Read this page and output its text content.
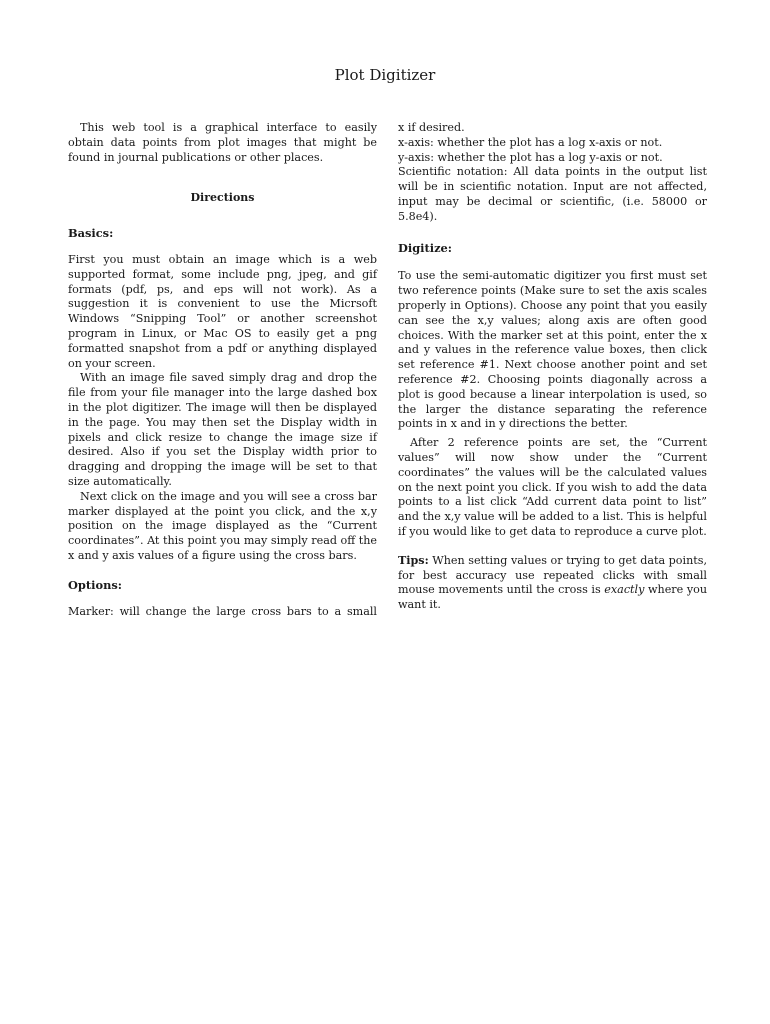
Plot Digitizer

This web tool is a graphical interface to easily obtain data points from plot images that might be found in journal publications or other places.

Directions
Basics:

First you must obtain an image which is a web supported format, some include png, jpeg, and gif formats (pdf, ps, and eps will not work). As a suggestion it is convenient to use the Micrsoft Windows “Snipping Tool” or another screenshot program in Linux, or Mac OS to easily get a png formatted snapshot from a pdf or anything displayed on your screen.

With an image file saved simply drag and drop the file from your file manager into the large dashed box in the plot digitizer. The image will then be displayed in the page. You may then set the Display width in pixels and click resize to change the image size if desired. Also if you set the Display width prior to dragging and dropping the image will be set to that size automatically.

Next click on the image and you will see a cross bar marker displayed at the point you click, and the x,y position on the image displayed as the “Current coordinates”. At this point you may simply read off the x and y axis values of a figure using the cross bars.

Options:

Marker: will change the large cross bars to a small

x if desired.

x-axis: whether the plot has a log x-axis or not.

y-axis: whether the plot has a log y-axis or not.

Scientific notation: All data points in the output list will be in scientific notation. Input are not affected, input may be decimal or scientific, (i.e. 58000 or 5.8e4).

Digitize:

To use the semi-automatic digitizer you first must set two reference points (Make sure to set the axis scales properly in Options). Choose any point that you easily can see the x,y values; along axis are often good choices. With the marker set at this point, enter the x and y values in the reference value boxes, then click set reference #1. Next choose another point and set reference #2. Choosing points diagonally across a plot is good because a linear interpolation is used, so the larger the distance separating the reference points in x and in y directions the better.

After 2 reference points are set, the “Current values” will now show under the “Current coordinates” the values will be the calculated values on the next point you click. If you wish to add the data points to a list click “Add current data point to list” and the x,y value will be added to a list. This is helpful if you would like to get data to reproduce a curve plot.

Tips: When setting values or trying to get data points, for best accuracy use repeated clicks with small mouse movements until the cross is exactly where you want it.
